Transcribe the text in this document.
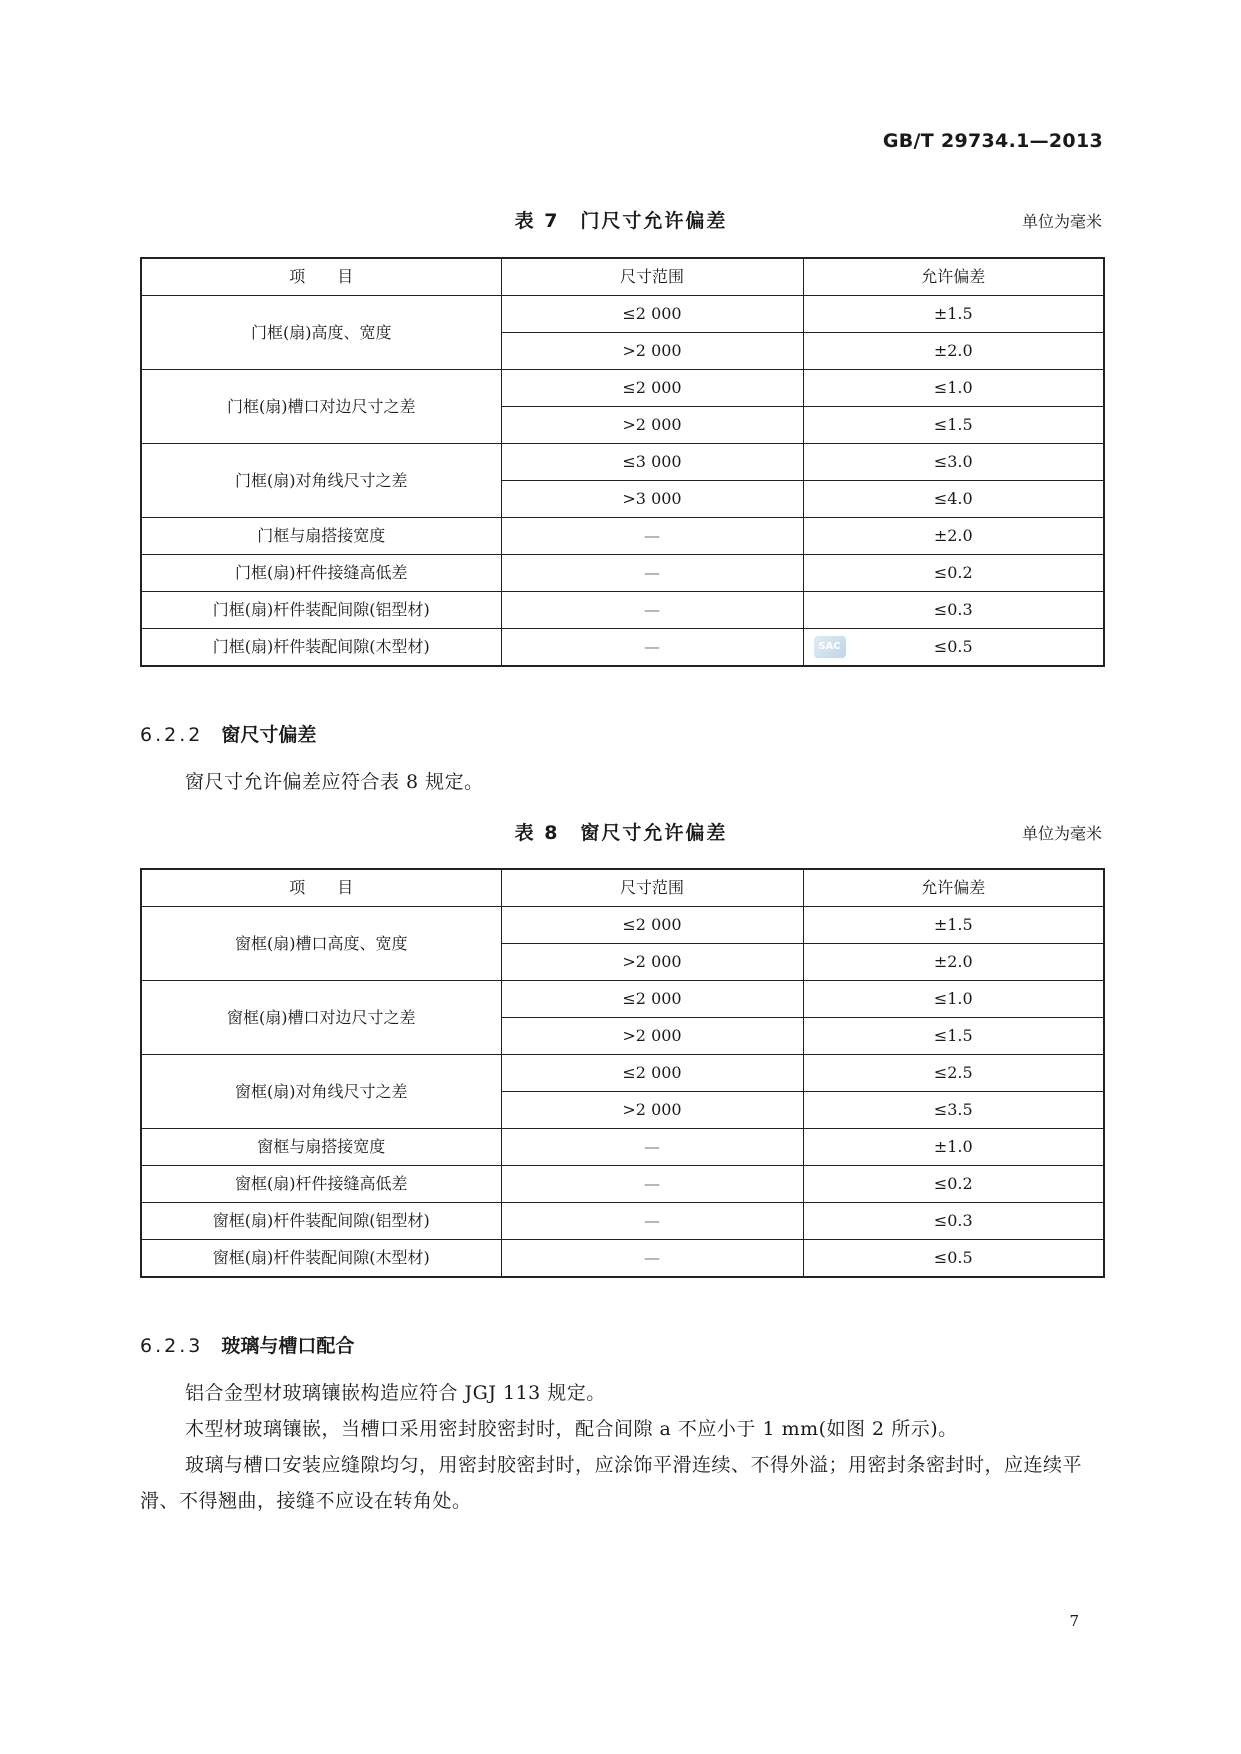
GB/T 29734.1—2013
表 7　门尺寸允许偏差	单位为毫米
项　　目	尺寸范围	允许偏差
门框(扇)高度、宽度	≤2 000	±1.5
	>2 000	±2.0
门框(扇)槽口对边尺寸之差	≤2 000	≤1.0
	>2 000	≤1.5
门框(扇)对角线尺寸之差	≤3 000	≤3.0
	>3 000	≤4.0
门框与扇搭接宽度	—	±2.0
门框(扇)杆件接缝高低差	—	≤0.2
门框(扇)杆件装配间隙(铝型材)	—	≤0.3
门框(扇)杆件装配间隙(木型材)	—	SAC ≤0.5
6.2.2 窗尺寸偏差
窗尺寸允许偏差应符合表 8 规定。
表 8　窗尺寸允许偏差	单位为毫米
项　　目	尺寸范围	允许偏差
窗框(扇)槽口高度、宽度	≤2 000	±1.5
	>2 000	±2.0
窗框(扇)槽口对边尺寸之差	≤2 000	≤1.0
	>2 000	≤1.5
窗框(扇)对角线尺寸之差	≤2 000	≤2.5
	>2 000	≤3.5
窗框与扇搭接宽度	—	±1.0
窗框(扇)杆件接缝高低差	—	≤0.2
窗框(扇)杆件装配间隙(铝型材)	—	≤0.3
窗框(扇)杆件装配间隙(木型材)	—	≤0.5
6.2.3 玻璃与槽口配合
铝合金型材玻璃镶嵌构造应符合 JGJ 113 规定。
木型材玻璃镶嵌，当槽口采用密封胶密封时，配合间隙 a 不应小于 1 mm(如图 2 所示)。
玻璃与槽口安装应缝隙均匀，用密封胶密封时，应涂饰平滑连续、不得外溢；用密封条密封时，应连续平滑、不得翘曲，接缝不应设在转角处。
7
